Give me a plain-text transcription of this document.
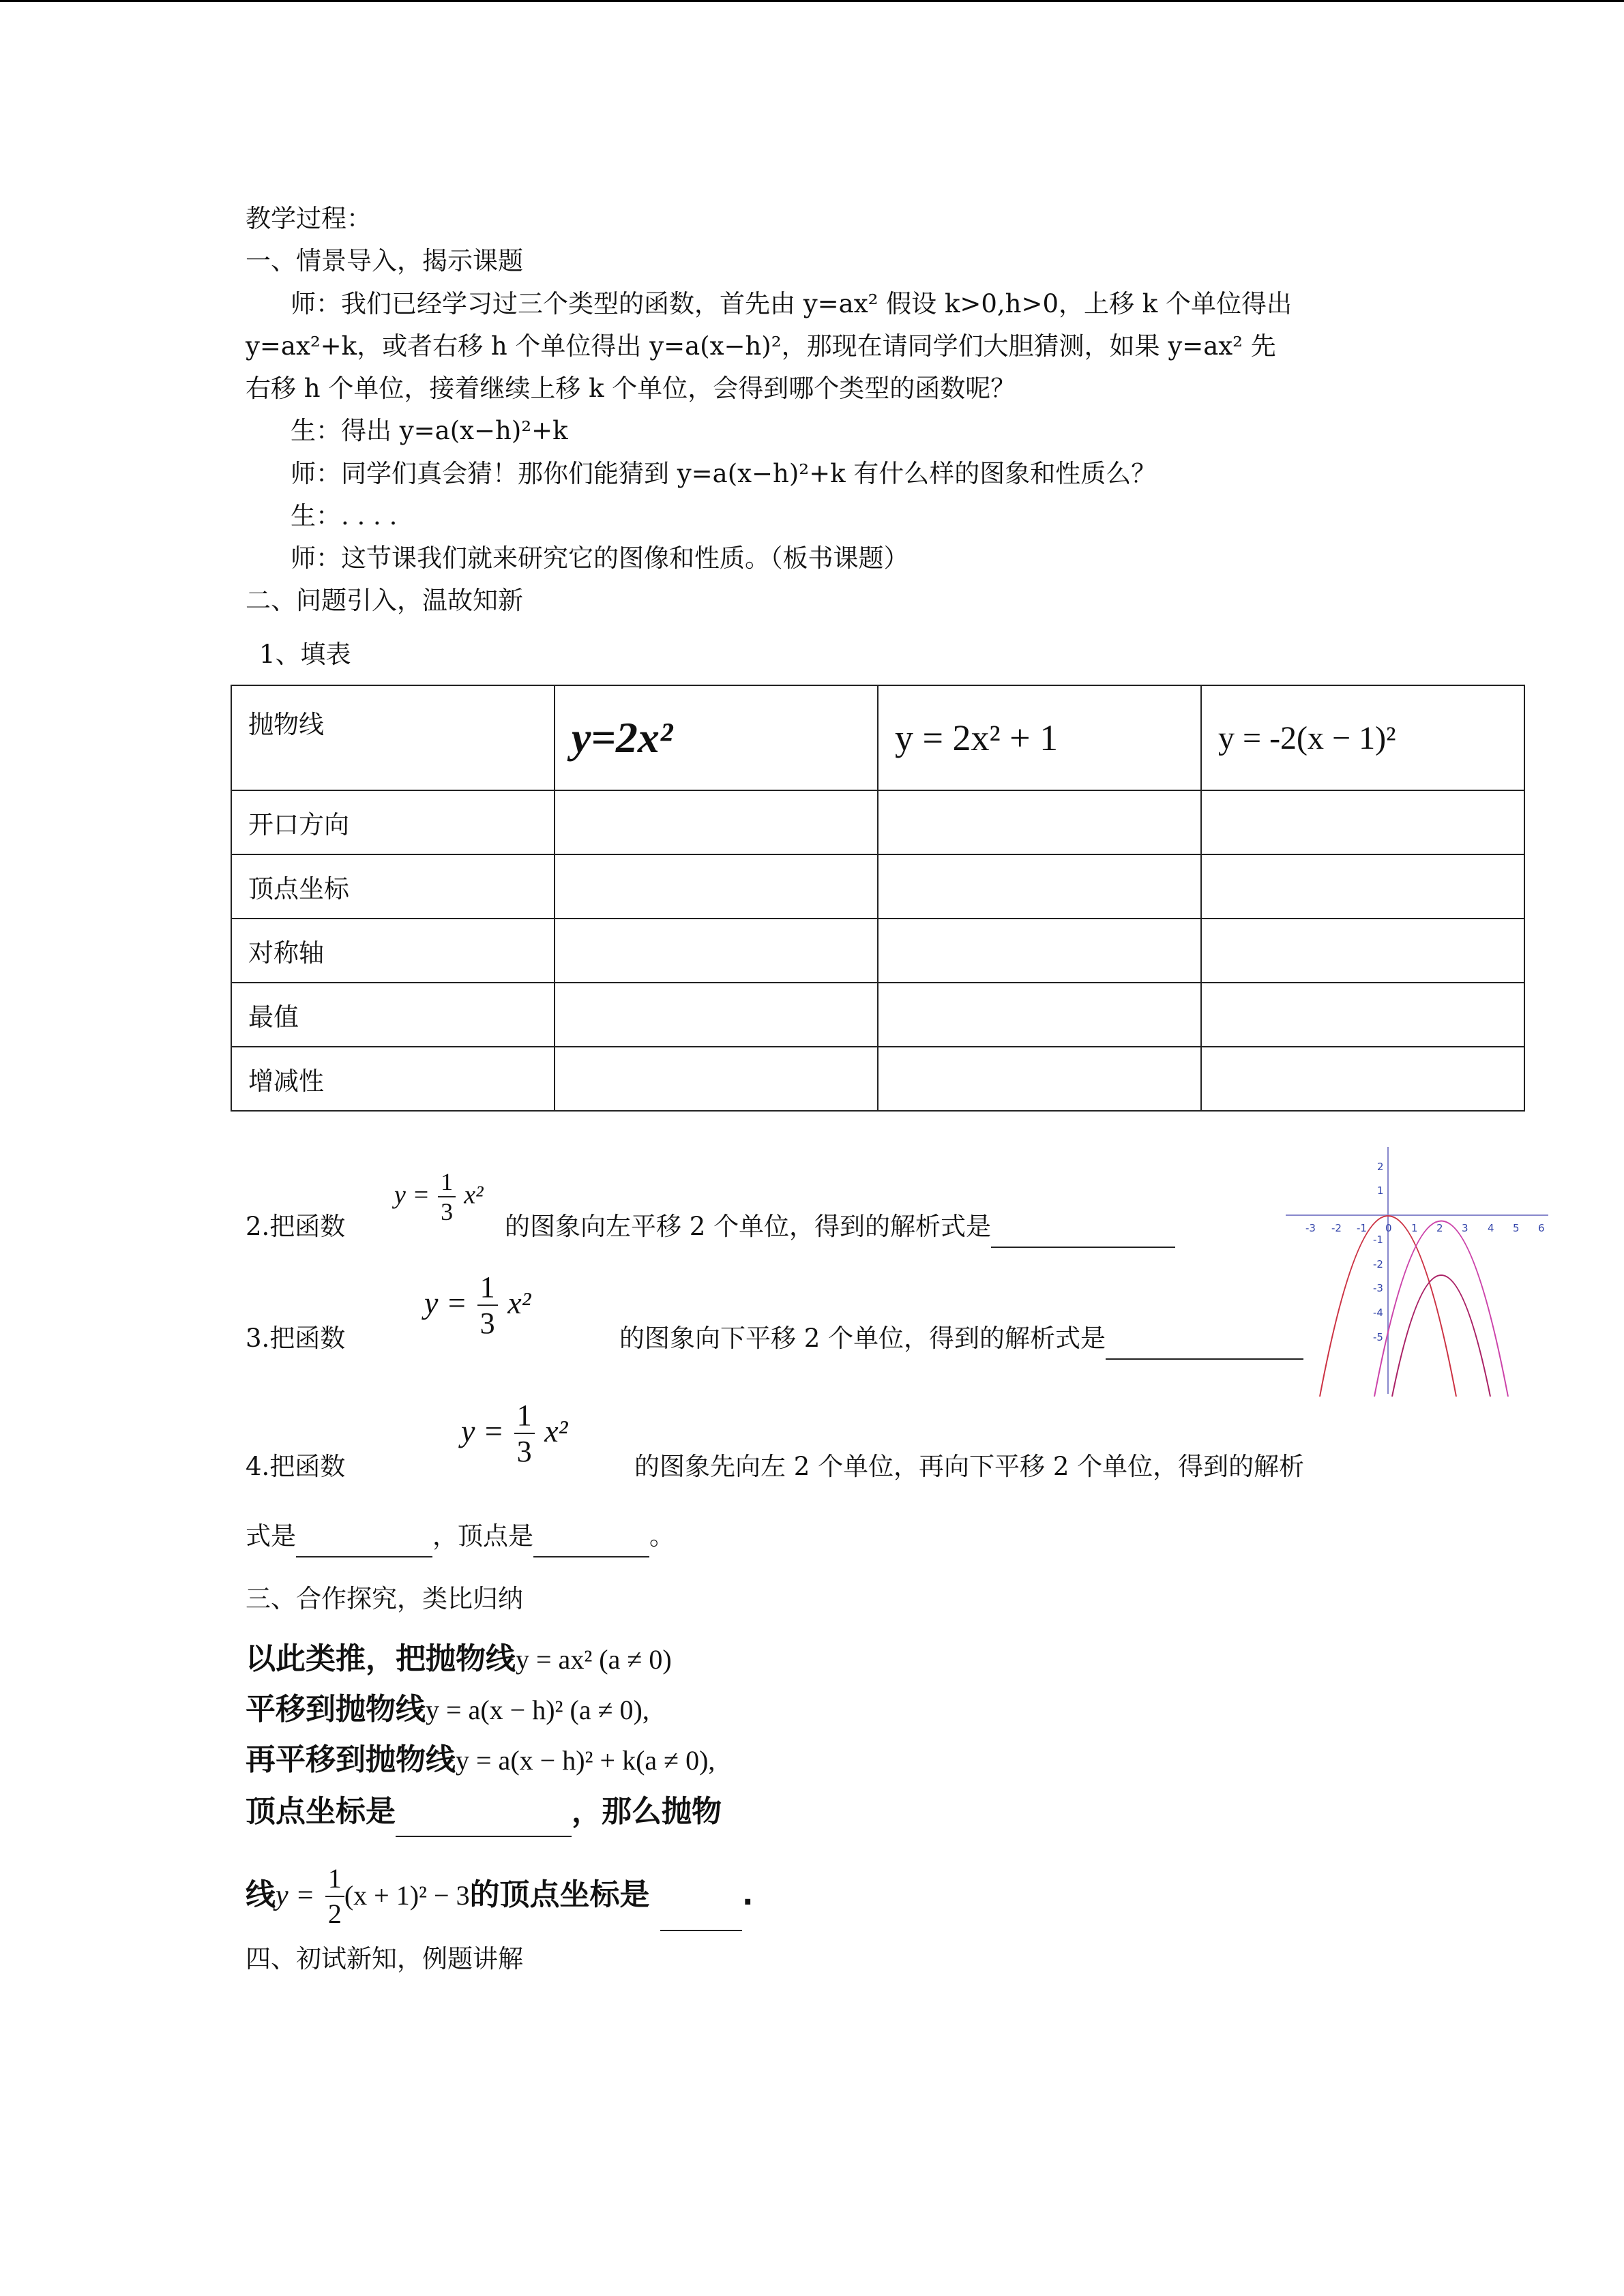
教学过程：
一、情景导入，揭示课题
师：我们已经学习过三个类型的函数，首先由 y=ax² 假设 k>0,h>0，上移 k 个单位得出
y=ax²+k，或者右移 h 个单位得出 y=a(x−h)²，那现在请同学们大胆猜测，如果 y=ax² 先
右移 h 个单位，接着继续上移 k 个单位，会得到哪个类型的函数呢？
生：得出 y=a(x−h)²+k
师：同学们真会猜！那你们能猜到 y=a(x−h)²+k 有什么样的图象和性质么？
生：. . . .
师：这节课我们就来研究它的图像和性质。（板书课题）
二、问题引入，温故知新
1、填表
抛物线	y=2x²	y = 2x² + 1	y = -2(x − 1)²
开口方向			
顶点坐标			
对称轴			
最值			
增减性			
2.把函数
$y = \frac{1}{3} x^2$
的图象向左平移 2 个单位，得到的解析式是
3.把函数
$y = \frac{1}{3} x^2$
的图象向下平移 2 个单位，得到的解析式是
4.把函数
$y = \frac{1}{3} x^2$
的图象先向左 2 个单位，再向下平移 2 个单位，得到的解析
式是	，顶点是	。
-3 -2 -1 0 1 2 3 4 5 6
2
1
-1
-2
-3
-4
-5
三、合作探究，类比归纳
以此类推，把抛物线y = ax² (a ≠ 0)
平移到抛物线y = a(x − h)² (a ≠ 0),
再平移到抛物线y = a(x − h)² + k(a ≠ 0),
顶点坐标是	，那么抛物
线$y = \frac{1}{2} (x + 1)^2 - 3$的顶点坐标是	.
四、初试新知，例题讲解
